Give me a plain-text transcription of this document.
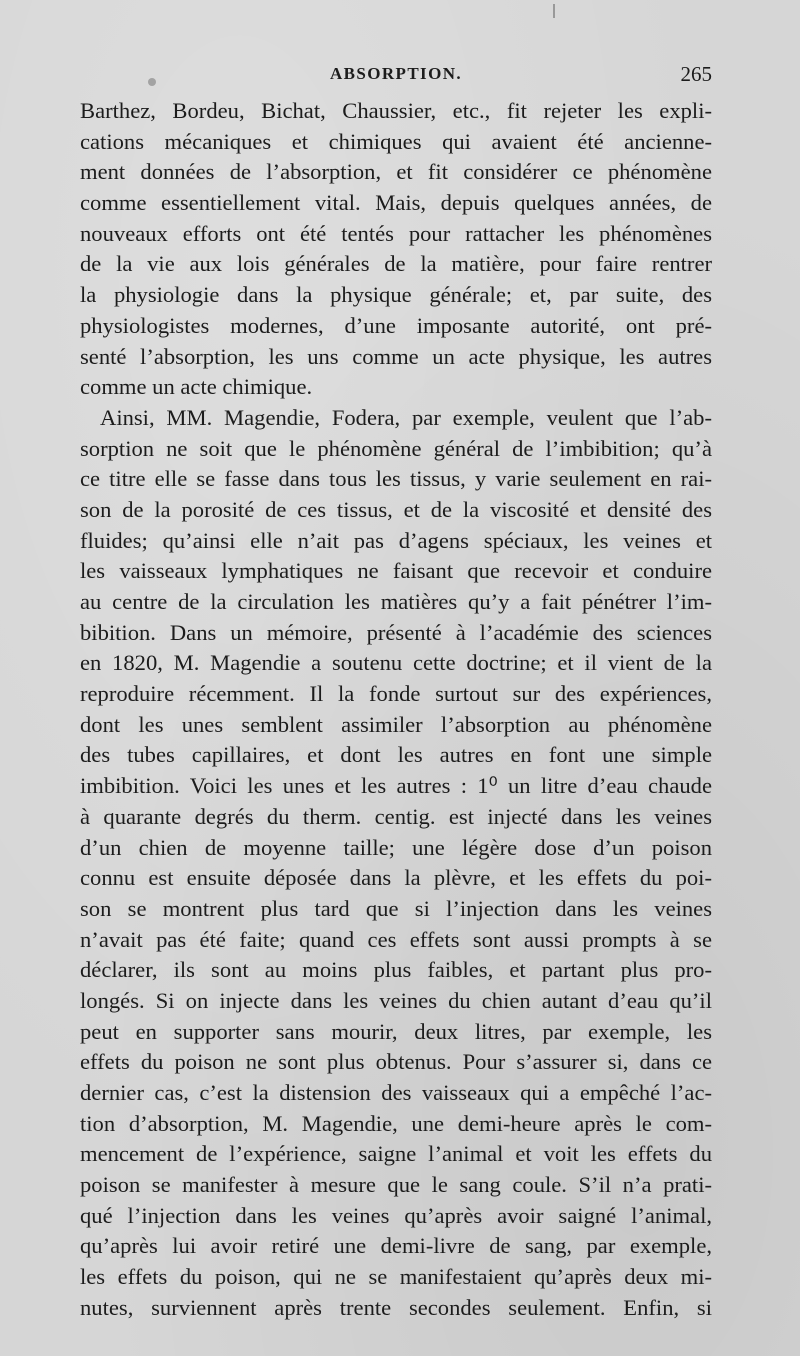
ABSORPTION.	265
Barthez, Bordeu, Bichat, Chaussier, etc., fit rejeter les expli-
cations mécaniques et chimiques qui avaient été ancienne-
ment données de l’absorption, et fit considérer ce phénomène
comme essentiellement vital. Mais, depuis quelques années, de
nouveaux efforts ont été tentés pour rattacher les phénomènes
de la vie aux lois générales de la matière, pour faire rentrer
la physiologie dans la physique générale; et, par suite, des
physiologistes modernes, d’une imposante autorité, ont pré-
senté l’absorption, les uns comme un acte physique, les autres
comme un acte chimique.
Ainsi, MM. Magendie, Fodera, par exemple, veulent que l’ab-
sorption ne soit que le phénomène général de l’imbibition; qu’à
ce titre elle se fasse dans tous les tissus, y varie seulement en rai-
son de la porosité de ces tissus, et de la viscosité et densité des
fluides; qu’ainsi elle n’ait pas d’agens spéciaux, les veines et
les vaisseaux lymphatiques ne faisant que recevoir et conduire
au centre de la circulation les matières qu’y a fait pénétrer l’im-
bibition. Dans un mémoire, présenté à l’académie des sciences
en 1820, M. Magendie a soutenu cette doctrine; et il vient de la
reproduire récemment. Il la fonde surtout sur des expériences,
dont les unes semblent assimiler l’absorption au phénomène
des tubes capillaires, et dont les autres en font une simple
imbibition. Voici les unes et les autres : 1⁰ un litre d’eau chaude
à quarante degrés du therm. centig. est injecté dans les veines
d’un chien de moyenne taille; une légère dose d’un poison
connu est ensuite déposée dans la plèvre, et les effets du poi-
son se montrent plus tard que si l’injection dans les veines
n’avait pas été faite; quand ces effets sont aussi prompts à se
déclarer, ils sont au moins plus faibles, et partant plus pro-
longés. Si on injecte dans les veines du chien autant d’eau qu’il
peut en supporter sans mourir, deux litres, par exemple, les
effets du poison ne sont plus obtenus. Pour s’assurer si, dans ce
dernier cas, c’est la distension des vaisseaux qui a empêché l’ac-
tion d’absorption, M. Magendie, une demi-heure après le com-
mencement de l’expérience, saigne l’animal et voit les effets du
poison se manifester à mesure que le sang coule. S’il n’a prati-
qué l’injection dans les veines qu’après avoir saigné l’animal,
qu’après lui avoir retiré une demi-livre de sang, par exemple,
les effets du poison, qui ne se manifestaient qu’après deux mi-
nutes, surviennent après trente secondes seulement. Enfin, si
